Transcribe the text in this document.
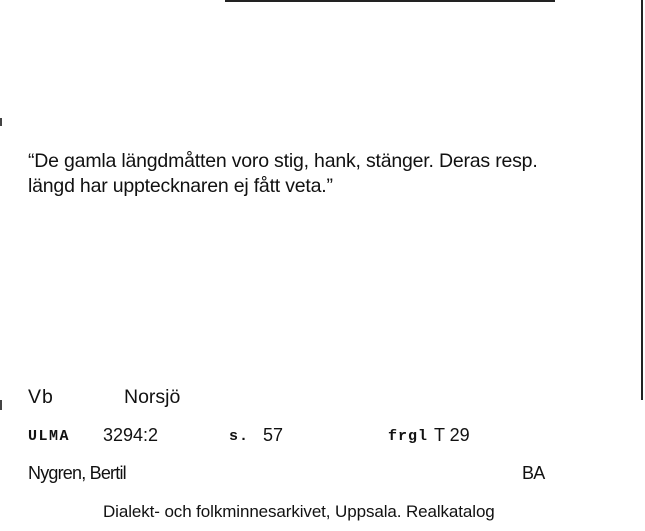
“De gamla längdmåtten voro stig, hank, stänger. Deras resp.

längd har upptecknaren ej fått veta.”

Vb	Norsjö
ULMA 3294:2	s. 57	frgl T 29
Nygren, Bertil	BA
Dialekt- och folkminnesarkivet, Uppsala. Realkatalog
